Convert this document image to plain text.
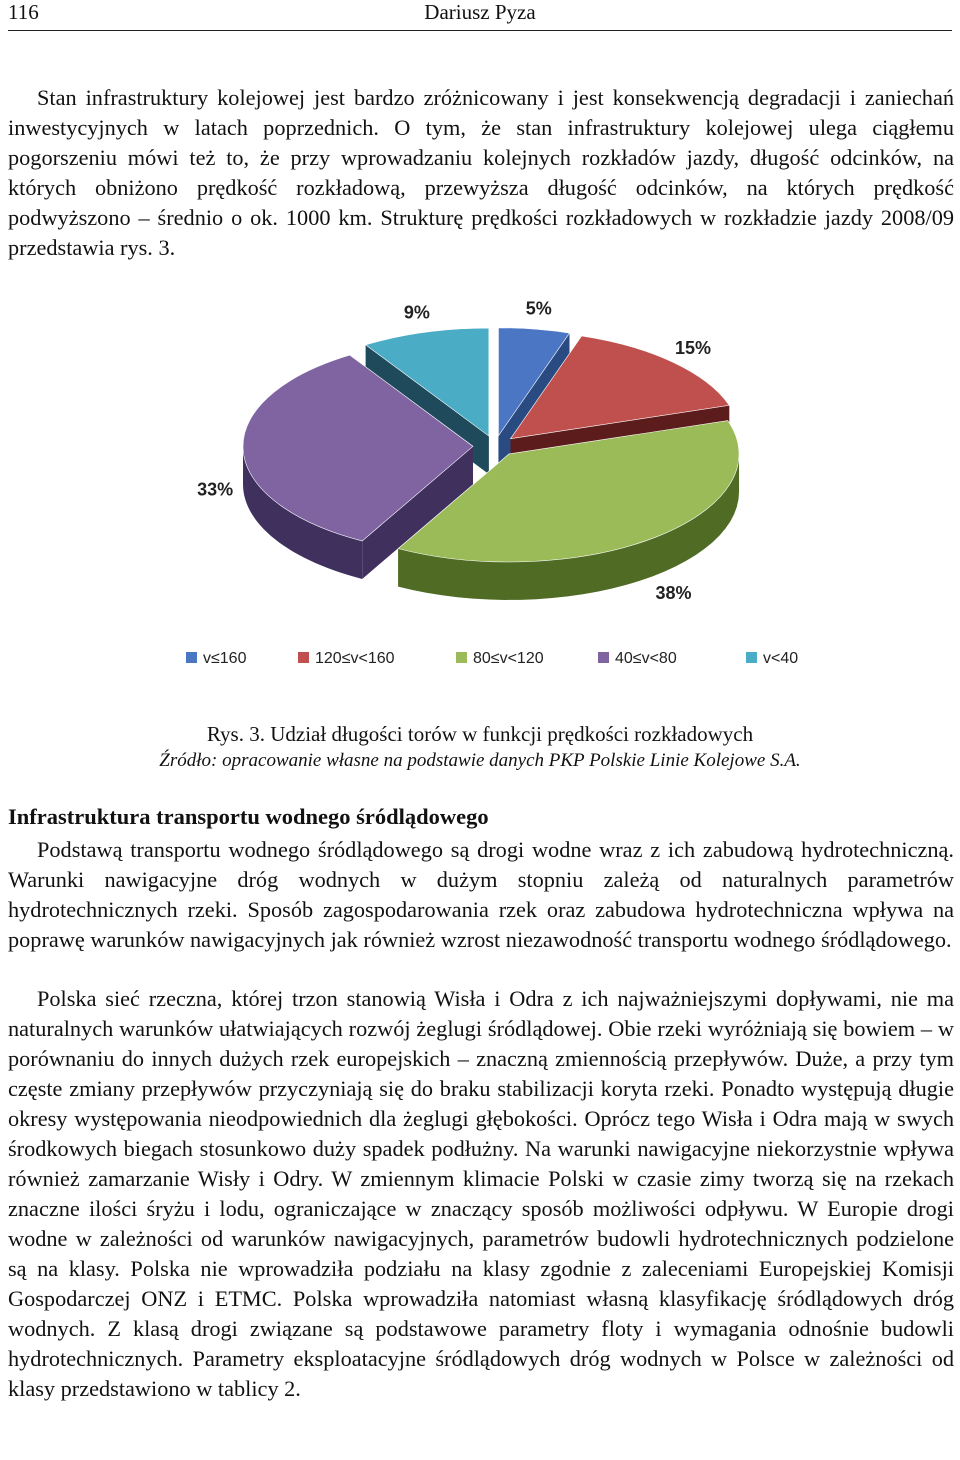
116	Dariusz Pyza
Stan infrastruktury kolejowej jest bardzo zróżnicowany i jest konsekwencją degradacji i zaniechań inwestycyjnych w latach poprzednich. O tym, że stan infrastruktury kolejowej ulega ciągłemu pogorszeniu mówi też to, że przy wprowadzaniu kolejnych rozkładów jazdy, długość odcinków, na których obniżono prędkość rozkładową, przewyższa długość odcinków, na których prędkość podwyższono – średnio o ok. 1000 km. Strukturę prędkości rozkładowych w rozkładzie jazdy 2008/09 przedstawia rys. 3.
5%
15%
38%
33%
9%
v≤160	120≤v<160	80≤v<120	40≤v<80	v<40
Rys. 3. Udział długości torów w funkcji prędkości rozkładowych
Źródło: opracowanie własne na podstawie danych PKP Polskie Linie Kolejowe S.A.
Infrastruktura transportu wodnego śródlądowego
Podstawą transportu wodnego śródlądowego są drogi wodne wraz z ich zabudową hydrotechniczną. Warunki nawigacyjne dróg wodnych w dużym stopniu zależą od naturalnych parametrów hydrotechnicznych rzeki. Sposób zagospodarowania rzek oraz zabudowa hydrotechniczna wpływa na poprawę warunków nawigacyjnych jak również wzrost niezawodność transportu wodnego śródlądowego.
Polska sieć rzeczna, której trzon stanowią Wisła i Odra z ich najważniejszymi dopływami, nie ma naturalnych warunków ułatwiających rozwój żeglugi śródlądowej. Obie rzeki wyróżniają się bowiem – w porównaniu do innych dużych rzek europejskich – znaczną zmiennością przepływów. Duże, a przy tym częste zmiany przepływów przyczyniają się do braku stabilizacji koryta rzeki. Ponadto występują długie okresy występowania nieodpowiednich dla żeglugi głębokości. Oprócz tego Wisła i Odra mają w swych środkowych biegach stosunkowo duży spadek podłużny. Na warunki nawigacyjne niekorzystnie wpływa również zamarzanie Wisły i Odry. W zmiennym klimacie Polski w czasie zimy tworzą się na rzekach znaczne ilości śryżu i lodu, ograniczające w znaczący sposób możliwości odpływu. W Europie drogi wodne w zależności od warunków nawigacyjnych, parametrów budowli hydrotechnicznych podzielone są na klasy. Polska nie wprowadziła podziału na klasy zgodnie z zaleceniami Europejskiej Komisji Gospodarczej ONZ i ETMC. Polska wprowadziła natomiast własną klasyfikację śródlądowych dróg wodnych. Z klasą drogi związane są podstawowe parametry floty i wymagania odnośnie budowli hydrotechnicznych. Parametry eksploatacyjne śródlądowych dróg wodnych w Polsce w zależności od klasy przedstawiono w tablicy 2.
